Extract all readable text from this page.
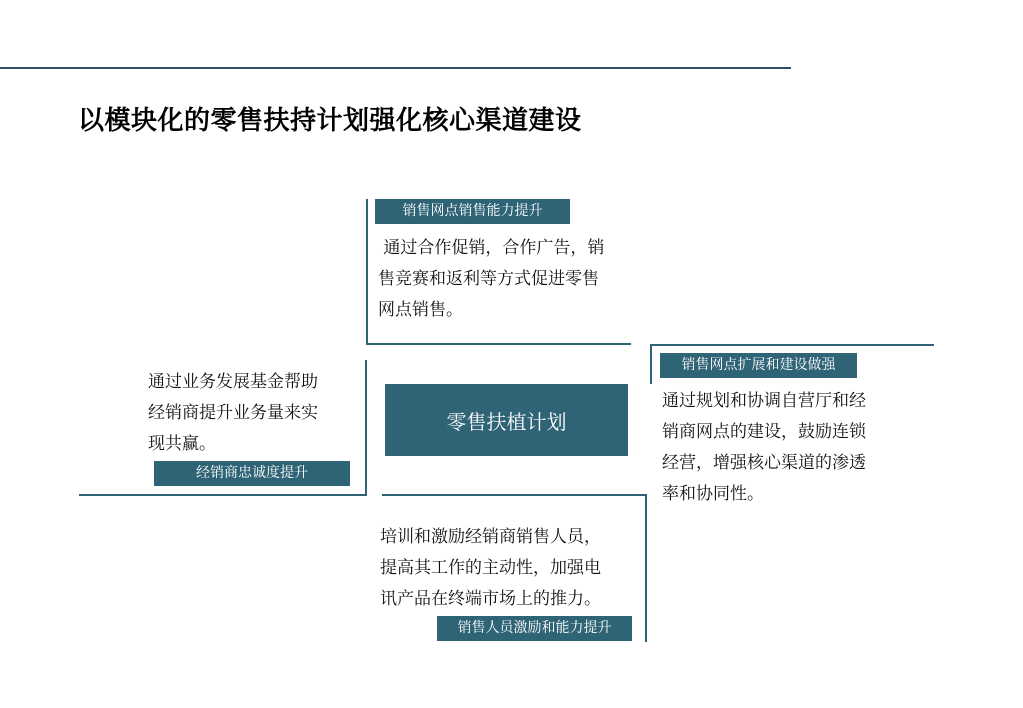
以模块化的零售扶持计划强化核心渠道建设
销售网点销售能力提升
通过合作促销，合作广告，销
售竞赛和返利等方式促进零售
网点销售。
销售网点扩展和建设做强
通过规划和协调自营厅和经
销商网点的建设，鼓励连锁
经营，增强核心渠道的渗透
率和协同性。
通过业务发展基金帮助
经销商提升业务量来实
现共赢。
经销商忠诚度提升
零售扶植计划
培训和激励经销商销售人员，
提高其工作的主动性，加强电
讯产品在终端市场上的推力。
销售人员激励和能力提升
